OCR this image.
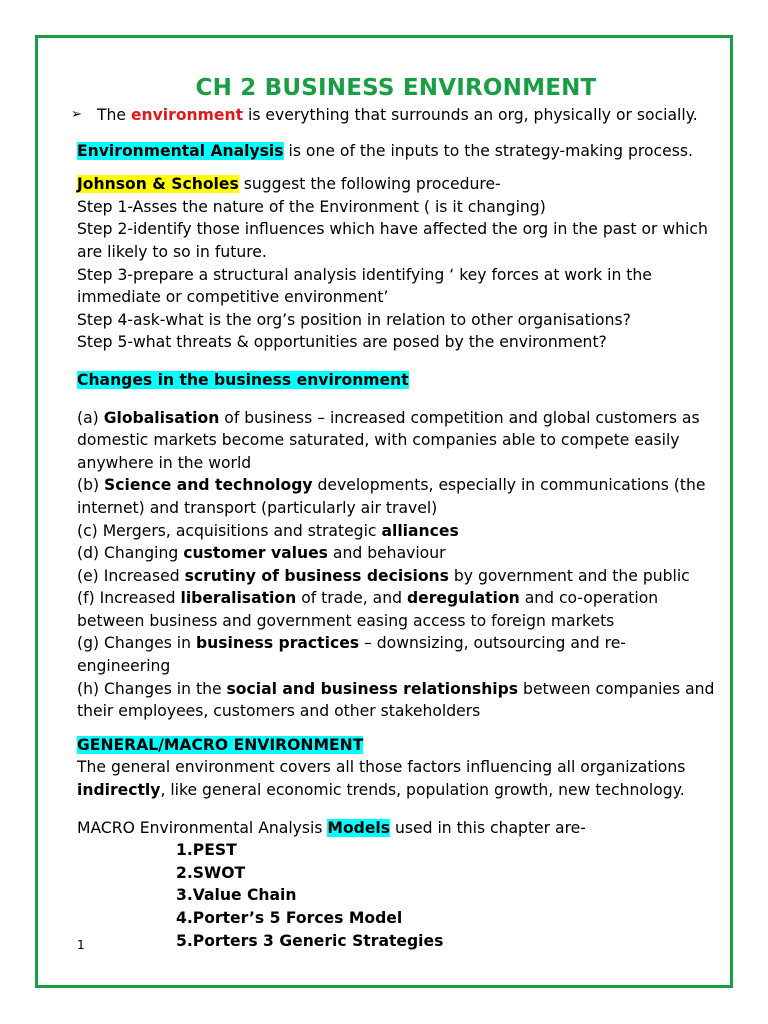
CH 2 BUSINESS ENVIRONMENT

➢ The environment is everything that surrounds an org, physically or socially.

Environmental Analysis is one of the inputs to the strategy-making process.

Johnson & Scholes suggest the following procedure-

Step 1-Asses the nature of the Environment ( is it changing)

Step 2-identify those influences which have affected the org in the past or which are likely to so in future.

Step 3-prepare a structural analysis identifying ‘ key forces at work in the immediate or competitive environment’

Step 4-ask-what is the org’s position in relation to other organisations?

Step 5-what threats & opportunities are posed by the environment?

Changes in the business environment

(a) Globalisation of business – increased competition and global customers as domestic markets become saturated, with companies able to compete easily anywhere in the world

(b) Science and technology developments, especially in communications (the internet) and transport (particularly air travel)

(c) Mergers, acquisitions and strategic alliances

(d) Changing customer values and behaviour

(e) Increased scrutiny of business decisions by government and the public

(f) Increased liberalisation of trade, and deregulation and co-operation between business and government easing access to foreign markets

(g) Changes in business practices – downsizing, outsourcing and re-engineering

(h) Changes in the social and business relationships between companies and their employees, customers and other stakeholders

GENERAL/MACRO ENVIRONMENT

The general environment covers all those factors influencing all organizations indirectly, like general economic trends, population growth, new technology.

MACRO Environmental Analysis Models used in this chapter are-

1.PEST
2.SWOT
3.Value Chain
4.Porter’s 5 Forces Model
5.Porters 3 Generic Strategies
1
